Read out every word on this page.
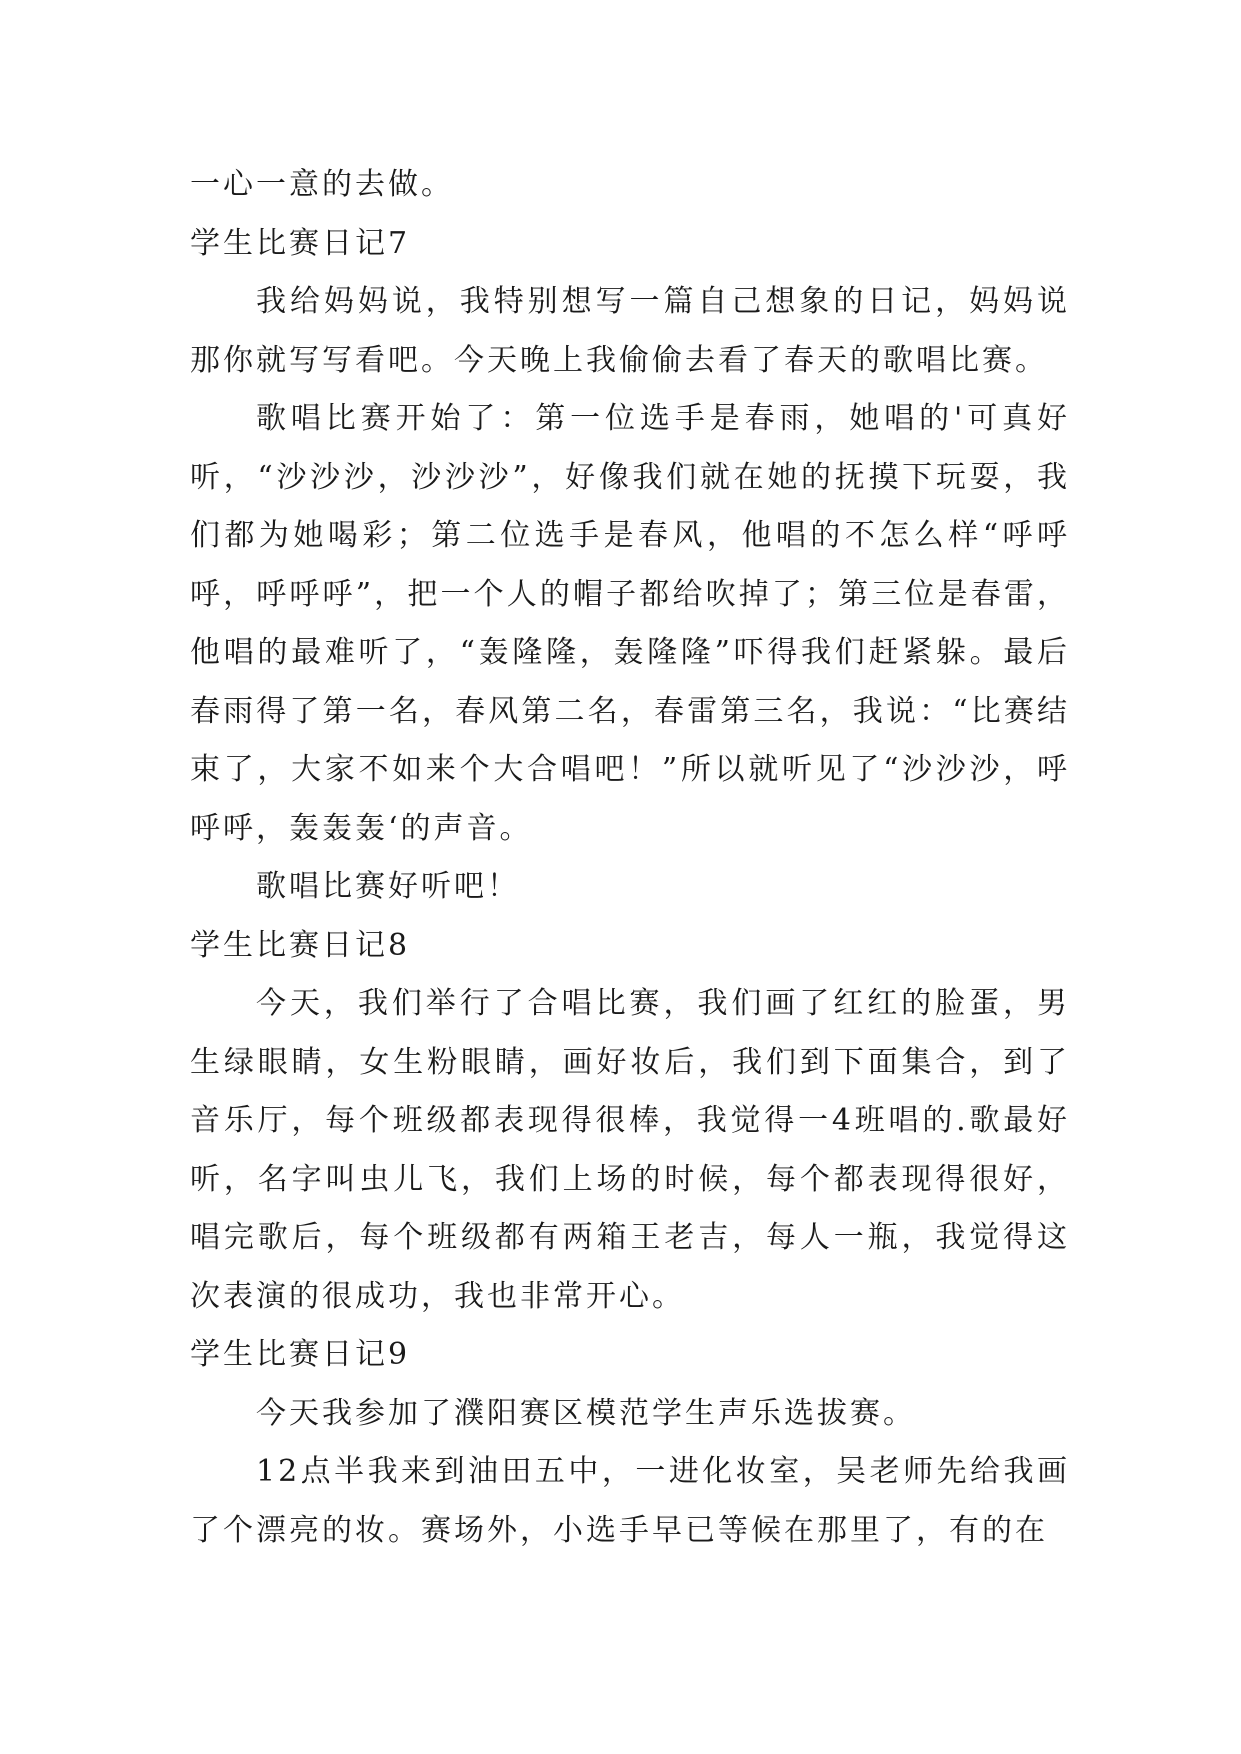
一心一意的去做。

学生比赛日记7

我给妈妈说，我特别想写一篇自己想象的日记，妈妈说那你就写写看吧。今天晚上我偷偷去看了春天的歌唱比赛。

歌唱比赛开始了：第一位选手是春雨，她唱的'可真好听，“沙沙沙，沙沙沙”，好像我们就在她的抚摸下玩耍，我们都为她喝彩；第二位选手是春风，他唱的不怎么样“呼呼呼，呼呼呼”，把一个人的帽子都给吹掉了；第三位是春雷，他唱的最难听了，“轰隆隆，轰隆隆”吓得我们赶紧躲。最后春雨得了第一名，春风第二名，春雷第三名，我说：“比赛结束了，大家不如来个大合唱吧！”所以就听见了“沙沙沙，呼呼呼，轰轰轰‘的声音。

歌唱比赛好听吧！

学生比赛日记8

今天，我们举行了合唱比赛，我们画了红红的脸蛋，男生绿眼睛，女生粉眼睛，画好妆后，我们到下面集合，到了音乐厅，每个班级都表现得很棒，我觉得一4班唱的.歌最好听，名字叫虫儿飞，我们上场的时候，每个都表现得很好，唱完歌后，每个班级都有两箱王老吉，每人一瓶，我觉得这次表演的很成功，我也非常开心。

学生比赛日记9

今天我参加了濮阳赛区模范学生声乐选拔赛。

12点半我来到油田五中，一进化妆室，吴老师先给我画了个漂亮的妆。赛场外，小选手早已等候在那里了，有的在
